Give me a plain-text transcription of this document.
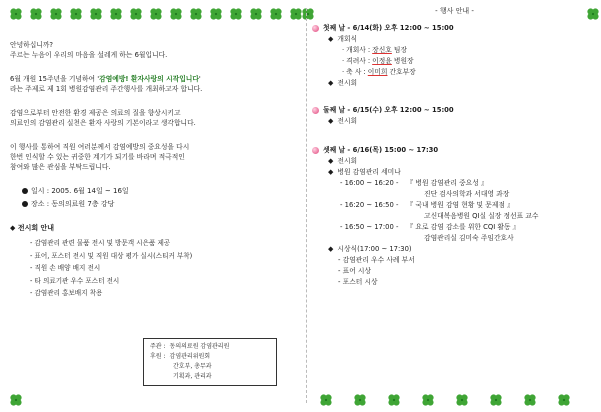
안녕하십니까?
주르는 누음이 우리의 마음을 설레게 하는 6월입니다.
6월 개원 15주년을 기념하여 '감염예방! 환자사랑의 시작입니다'
라는 주제로 제 1회 병원감염관리 주간행사를 개최하고자 합니다.
감염으로부터 안전한 환경 제공은 의료의 질을 향상시키고
의료인의 감염관리 실천은 환자 사랑의 기본이라고 생각합니다.
이 행사를 통하여 직원 여러분께서 감염예방의 중요성을 다시
한번 인식할 수 있는 귀중한 계기가 되기를 바라며 적극적인
참여와 많은 관심을 부탁드립니다.
일시 : 2005. 6월 14일 ~ 16일
장소 : 동의의료원 7층 강당
◆ 전시회 안내
- 감염관리 관련 물품 전시 및 방문객 시은품 제공
- 표어, 포스터 전시 및 직원 대상 평가 실시(스티커 부착)
- 직원 손 배양 배지 전시
- 타 의료기관 우수 포스터 전시
- 감염관리 홍보배지 착용
주관 : 동의의료원 감염관리원
후원 : 감염관리위원회
간호부, 총무과
기획과, 관리과
- 행사 안내 -
첫째 날 - 6/14(화) 오후 12:00 ~ 15:00
◆ 개회식
· 개회사 : 장신호 팀장
· 격려사 : 이정윤 병원장
· 축 사 : 이미희 간호부장
◆ 전시회
둘째 날 - 6/15(수) 오후 12:00 ~ 15:00
◆ 전시회
셋째 날 - 6/16(목) 15:00 ~ 17:30
◆ 전시회
◆ 병원 감염관리 세미나
- 16:00 ~ 16:20 - 『 병원 감염관리 중요성 』
진단 검사의학과 서대영 과장
- 16:20 ~ 16:50 - 『 국내 병원 감염 현황 및 문제점 』
고신대복음병원 QI실 실장 정선표 교수
- 16:50 ~ 17:00 - 『 요로 감염 감소를 위한 CQI 활동 』
감염관리실 김미숙 주임간호사
◆ 시상식(17:00 ~ 17:30)
- 감염관리 우수 사례 부서
- 표어 시상
- 포스터 시상
